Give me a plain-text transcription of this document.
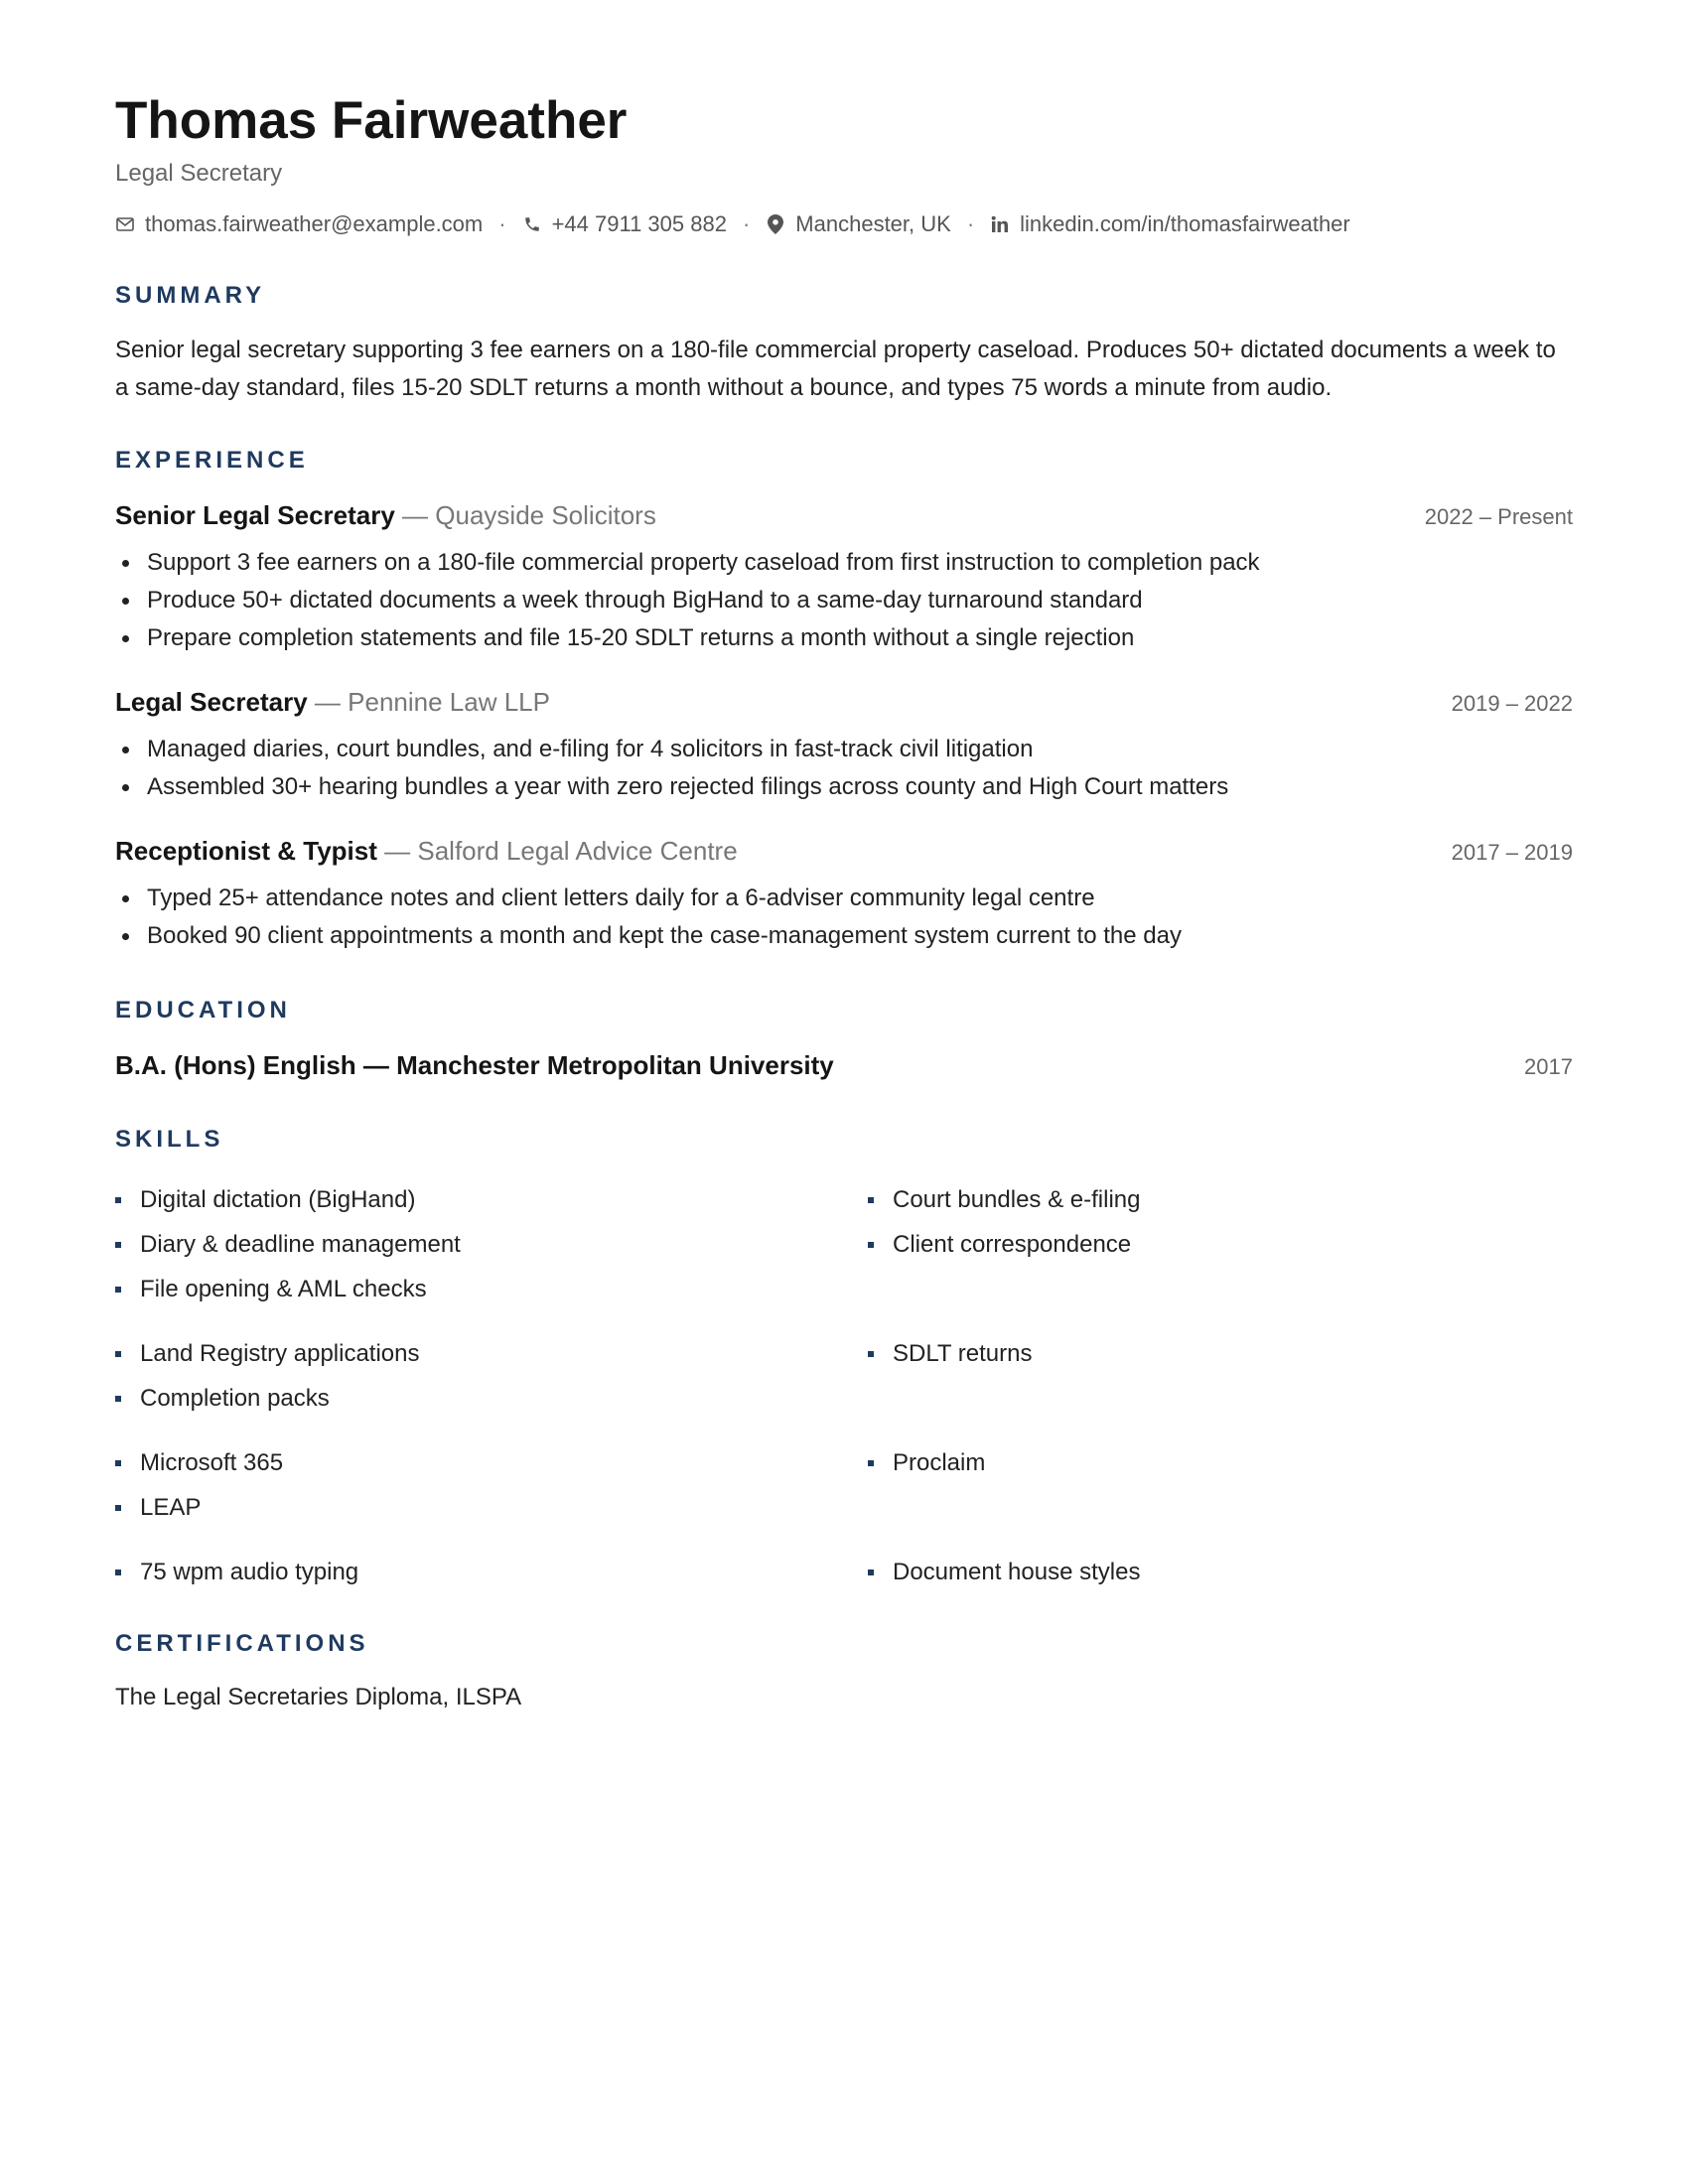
Thomas Fairweather
Legal Secretary
thomas.fairweather@example.com · +44 7911 305 882 · Manchester, UK · linkedin.com/in/thomasfairweather
SUMMARY
Senior legal secretary supporting 3 fee earners on a 180-file commercial property caseload. Produces 50+ dictated documents a week to a same-day standard, files 15-20 SDLT returns a month without a bounce, and types 75 words a minute from audio.
EXPERIENCE
Senior Legal Secretary — Quayside Solicitors	2022 – Present
Support 3 fee earners on a 180-file commercial property caseload from first instruction to completion pack
Produce 50+ dictated documents a week through BigHand to a same-day turnaround standard
Prepare completion statements and file 15-20 SDLT returns a month without a single rejection
Legal Secretary — Pennine Law LLP	2019 – 2022
Managed diaries, court bundles, and e-filing for 4 solicitors in fast-track civil litigation
Assembled 30+ hearing bundles a year with zero rejected filings across county and High Court matters
Receptionist & Typist — Salford Legal Advice Centre	2017 – 2019
Typed 25+ attendance notes and client letters daily for a 6-adviser community legal centre
Booked 90 client appointments a month and kept the case-management system current to the day
EDUCATION
B.A. (Hons) English — Manchester Metropolitan University	2017
SKILLS
Digital dictation (BigHand)	Court bundles & e-filing
Diary & deadline management	Client correspondence
File opening & AML checks
Land Registry applications	SDLT returns
Completion packs
Microsoft 365	Proclaim
LEAP
75 wpm audio typing	Document house styles
CERTIFICATIONS
The Legal Secretaries Diploma, ILSPA
